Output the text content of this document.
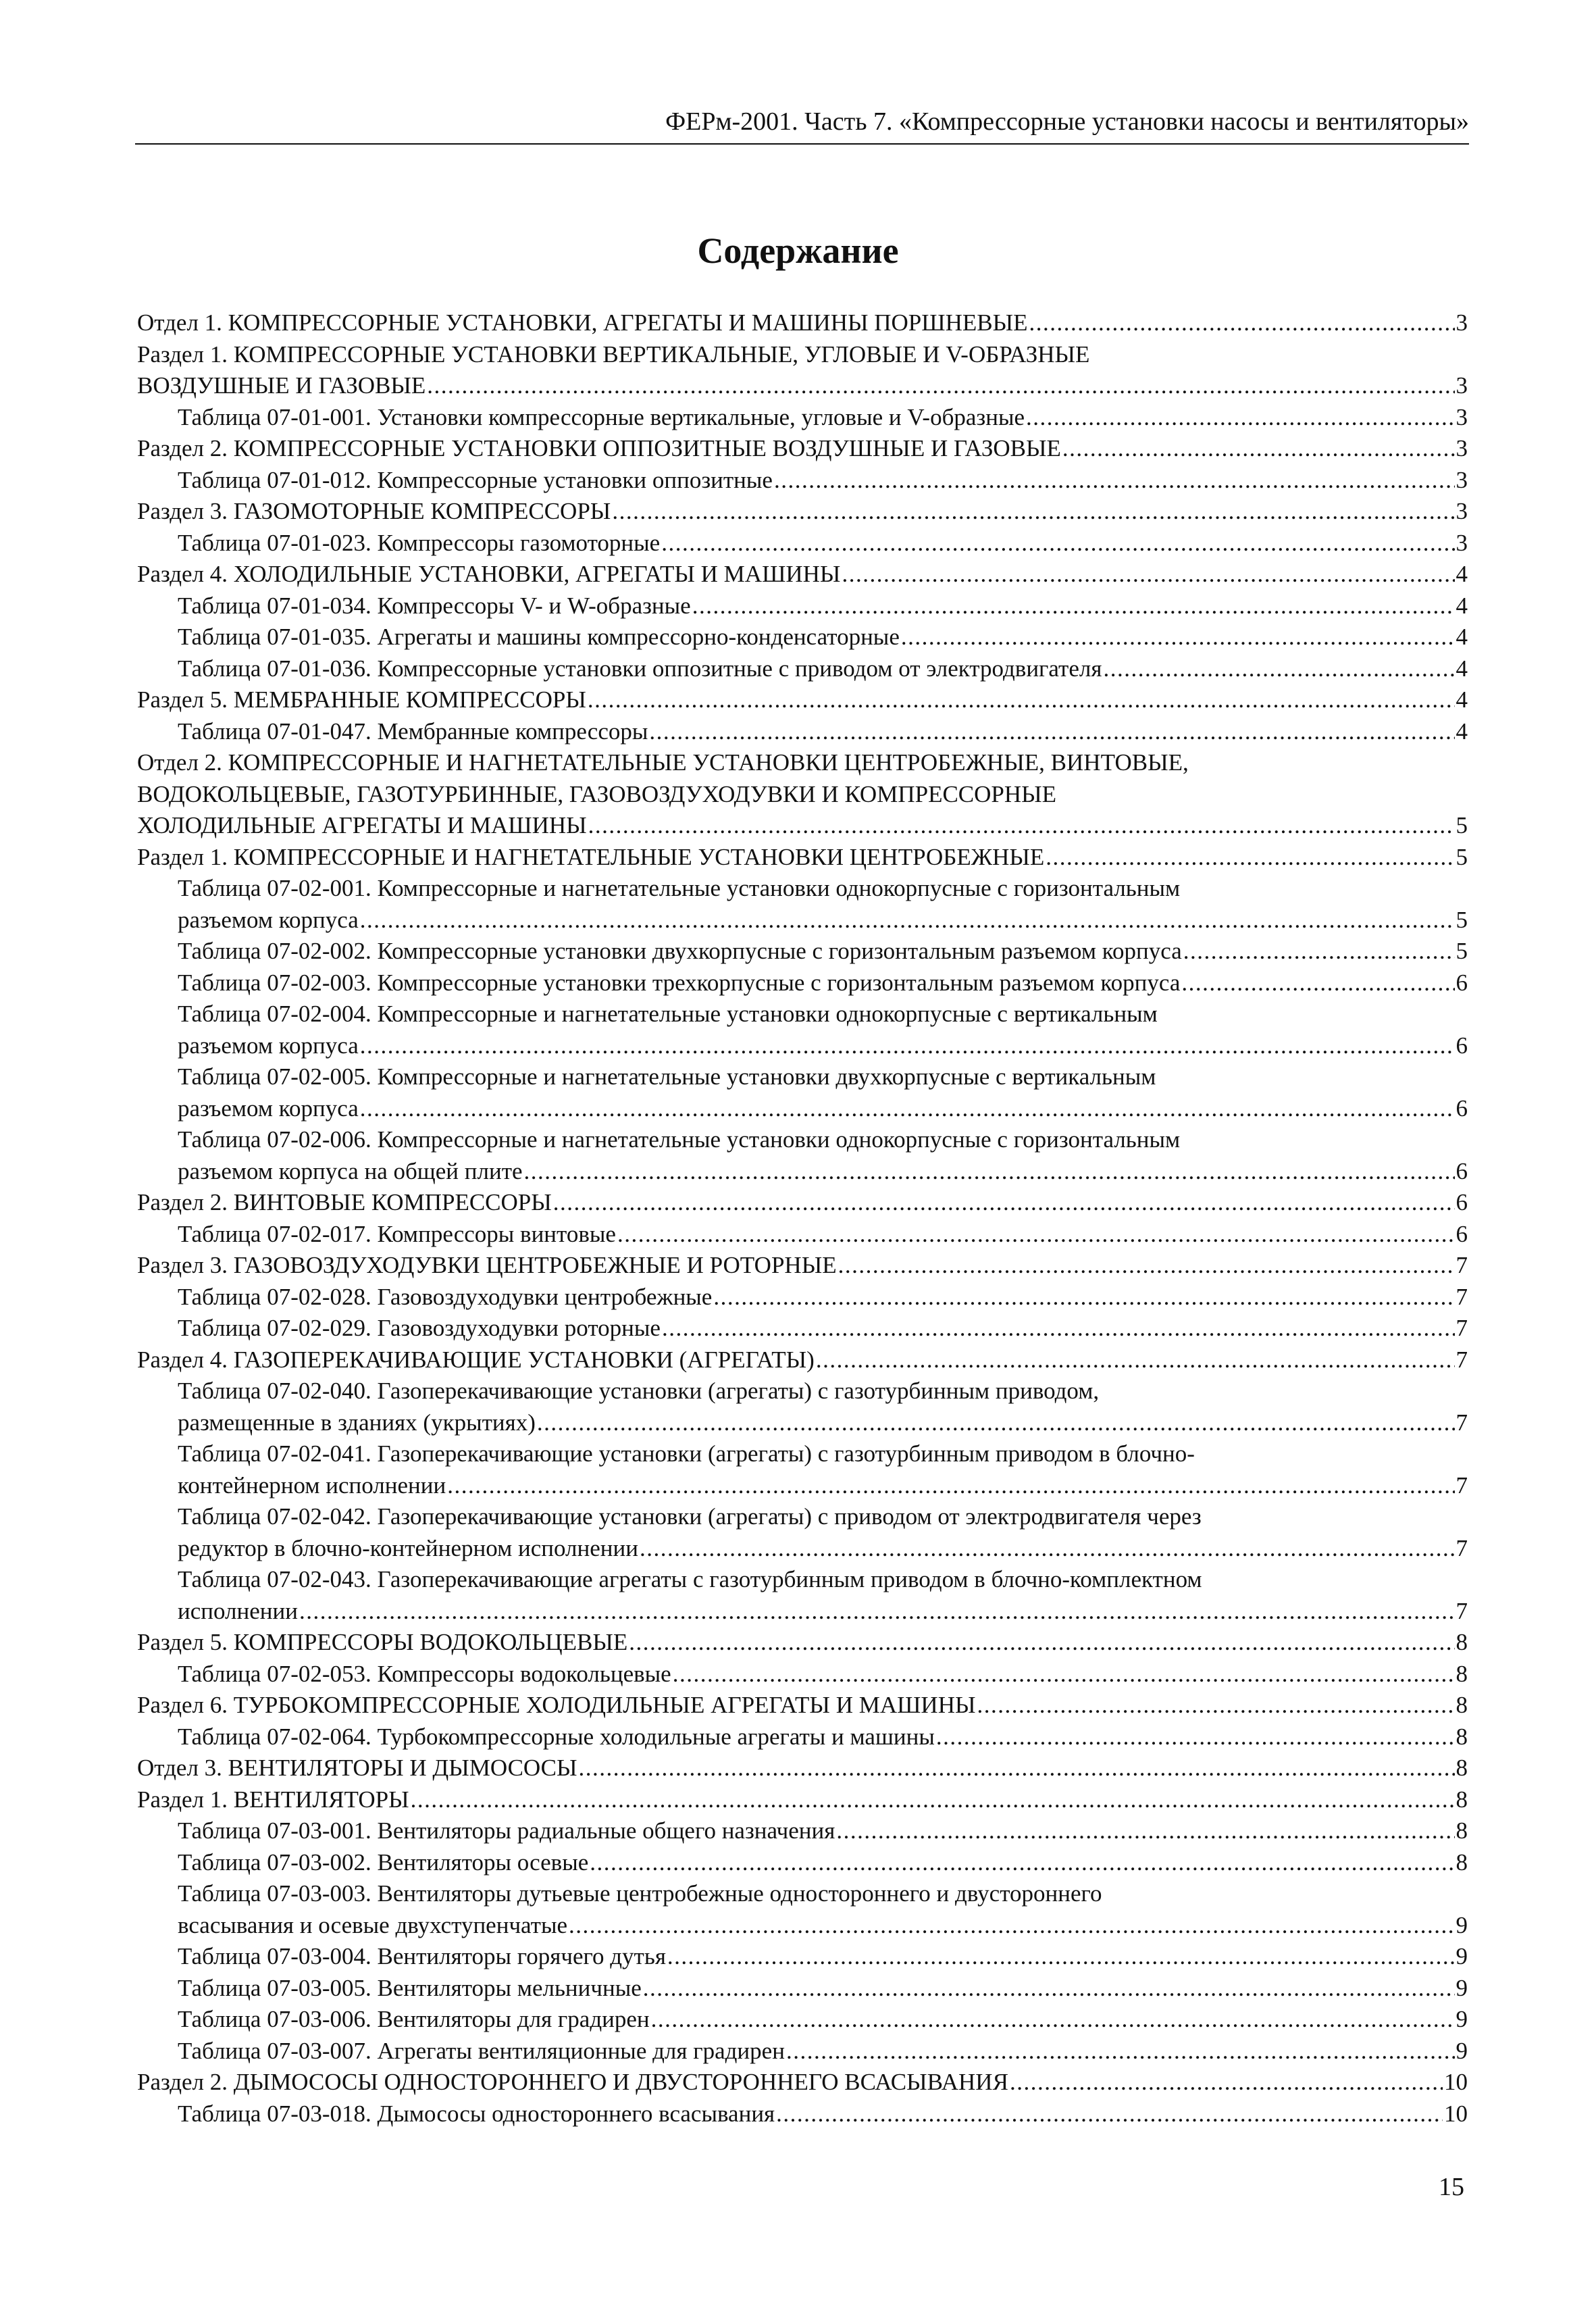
ФЕРм-2001. Часть 7. «Компрессорные установки насосы и вентиляторы»
Содержание
Отдел 1. КОМПРЕССОРНЫЕ УСТАНОВКИ, АГРЕГАТЫ И МАШИНЫ ПОРШНЕВЫЕ .....	3
Раздел 1. КОМПРЕССОРНЫЕ УСТАНОВКИ ВЕРТИКАЛЬНЫЕ, УГЛОВЫЕ И V-ОБРАЗНЫЕ
ВОЗДУШНЫЕ И ГАЗОВЫЕ .....	3
Таблица 07-01-001. Установки компрессорные вертикальные, угловые и V-образные .....	3
Раздел 2. КОМПРЕССОРНЫЕ УСТАНОВКИ ОППОЗИТНЫЕ ВОЗДУШНЫЕ И ГАЗОВЫЕ .....	3
Таблица 07-01-012. Компрессорные установки оппозитные .....	3
Раздел 3. ГАЗОМОТОРНЫЕ КОМПРЕССОРЫ .....	3
Таблица 07-01-023. Компрессоры газомоторные .....	3
Раздел 4. ХОЛОДИЛЬНЫЕ УСТАНОВКИ, АГРЕГАТЫ И МАШИНЫ .....	4
Таблица 07-01-034. Компрессоры V- и W-образные .....	4
Таблица 07-01-035. Агрегаты и машины компрессорно-конденсаторные .....	4
Таблица 07-01-036. Компрессорные установки оппозитные с приводом от электродвигателя .....	4
Раздел 5. МЕМБРАННЫЕ КОМПРЕССОРЫ .....	4
Таблица 07-01-047. Мембранные компрессоры .....	4
Отдел 2. КОМПРЕССОРНЫЕ И НАГНЕТАТЕЛЬНЫЕ УСТАНОВКИ ЦЕНТРОБЕЖНЫЕ, ВИНТОВЫЕ,
ВОДОКОЛЬЦЕВЫЕ, ГАЗОТУРБИННЫЕ, ГАЗОВОЗДУХОДУВКИ И КОМПРЕССОРНЫЕ
ХОЛОДИЛЬНЫЕ АГРЕГАТЫ И МАШИНЫ .....	5
Раздел 1. КОМПРЕССОРНЫЕ И НАГНЕТАТЕЛЬНЫЕ УСТАНОВКИ ЦЕНТРОБЕЖНЫЕ .....	5
Таблица 07-02-001. Компрессорные и нагнетательные установки однокорпусные с горизонтальным
разъемом корпуса .....	5
Таблица 07-02-002. Компрессорные установки двухкорпусные с горизонтальным разъемом корпуса .....	5
Таблица 07-02-003. Компрессорные установки трехкорпусные с горизонтальным разъемом корпуса .....	6
Таблица 07-02-004. Компрессорные и нагнетательные установки однокорпусные с вертикальным
разъемом корпуса .....	6
Таблица 07-02-005. Компрессорные и нагнетательные установки двухкорпусные с вертикальным
разъемом корпуса .....	6
Таблица 07-02-006. Компрессорные и нагнетательные установки однокорпусные с горизонтальным
разъемом корпуса на общей плите .....	6
Раздел 2. ВИНТОВЫЕ КОМПРЕССОРЫ .....	6
Таблица 07-02-017. Компрессоры винтовые .....	6
Раздел 3. ГАЗОВОЗДУХОДУВКИ ЦЕНТРОБЕЖНЫЕ И РОТОРНЫЕ .....	7
Таблица 07-02-028. Газовоздуходувки центробежные .....	7
Таблица 07-02-029. Газовоздуходувки роторные .....	7
Раздел 4. ГАЗОПЕРЕКАЧИВАЮЩИЕ УСТАНОВКИ (АГРЕГАТЫ) .....	7
Таблица 07-02-040. Газоперекачивающие установки (агрегаты) с газотурбинным приводом,
размещенные в зданиях (укрытиях) .....	7
Таблица 07-02-041. Газоперекачивающие установки (агрегаты) с газотурбинным приводом в блочно-
контейнерном исполнении .....	7
Таблица 07-02-042. Газоперекачивающие установки (агрегаты) с приводом от электродвигателя через
редуктор в блочно-контейнерном исполнении .....	7
Таблица 07-02-043. Газоперекачивающие агрегаты с газотурбинным приводом в блочно-комплектном
исполнении .....	7
Раздел 5. КОМПРЕССОРЫ ВОДОКОЛЬЦЕВЫЕ .....	8
Таблица 07-02-053. Компрессоры водокольцевые .....	8
Раздел 6. ТУРБОКОМПРЕССОРНЫЕ ХОЛОДИЛЬНЫЕ АГРЕГАТЫ И МАШИНЫ .....	8
Таблица 07-02-064. Турбокомпрессорные холодильные агрегаты и машины .....	8
Отдел 3. ВЕНТИЛЯТОРЫ И ДЫМОСОСЫ .....	8
Раздел 1. ВЕНТИЛЯТОРЫ .....	8
Таблица 07-03-001. Вентиляторы радиальные общего назначения .....	8
Таблица 07-03-002. Вентиляторы осевые .....	8
Таблица 07-03-003. Вентиляторы дутьевые центробежные одностороннего и двустороннего
всасывания и осевые двухступенчатые .....	9
Таблица 07-03-004. Вентиляторы горячего дутья .....	9
Таблица 07-03-005. Вентиляторы мельничные .....	9
Таблица 07-03-006. Вентиляторы для градирен .....	9
Таблица 07-03-007. Агрегаты вентиляционные для градирен .....	9
Раздел 2. ДЫМОСОСЫ ОДНОСТОРОННЕГО И ДВУСТОРОННЕГО ВСАСЫВАНИЯ .....	10
Таблица 07-03-018. Дымососы одностороннего всасывания .....	10
15
